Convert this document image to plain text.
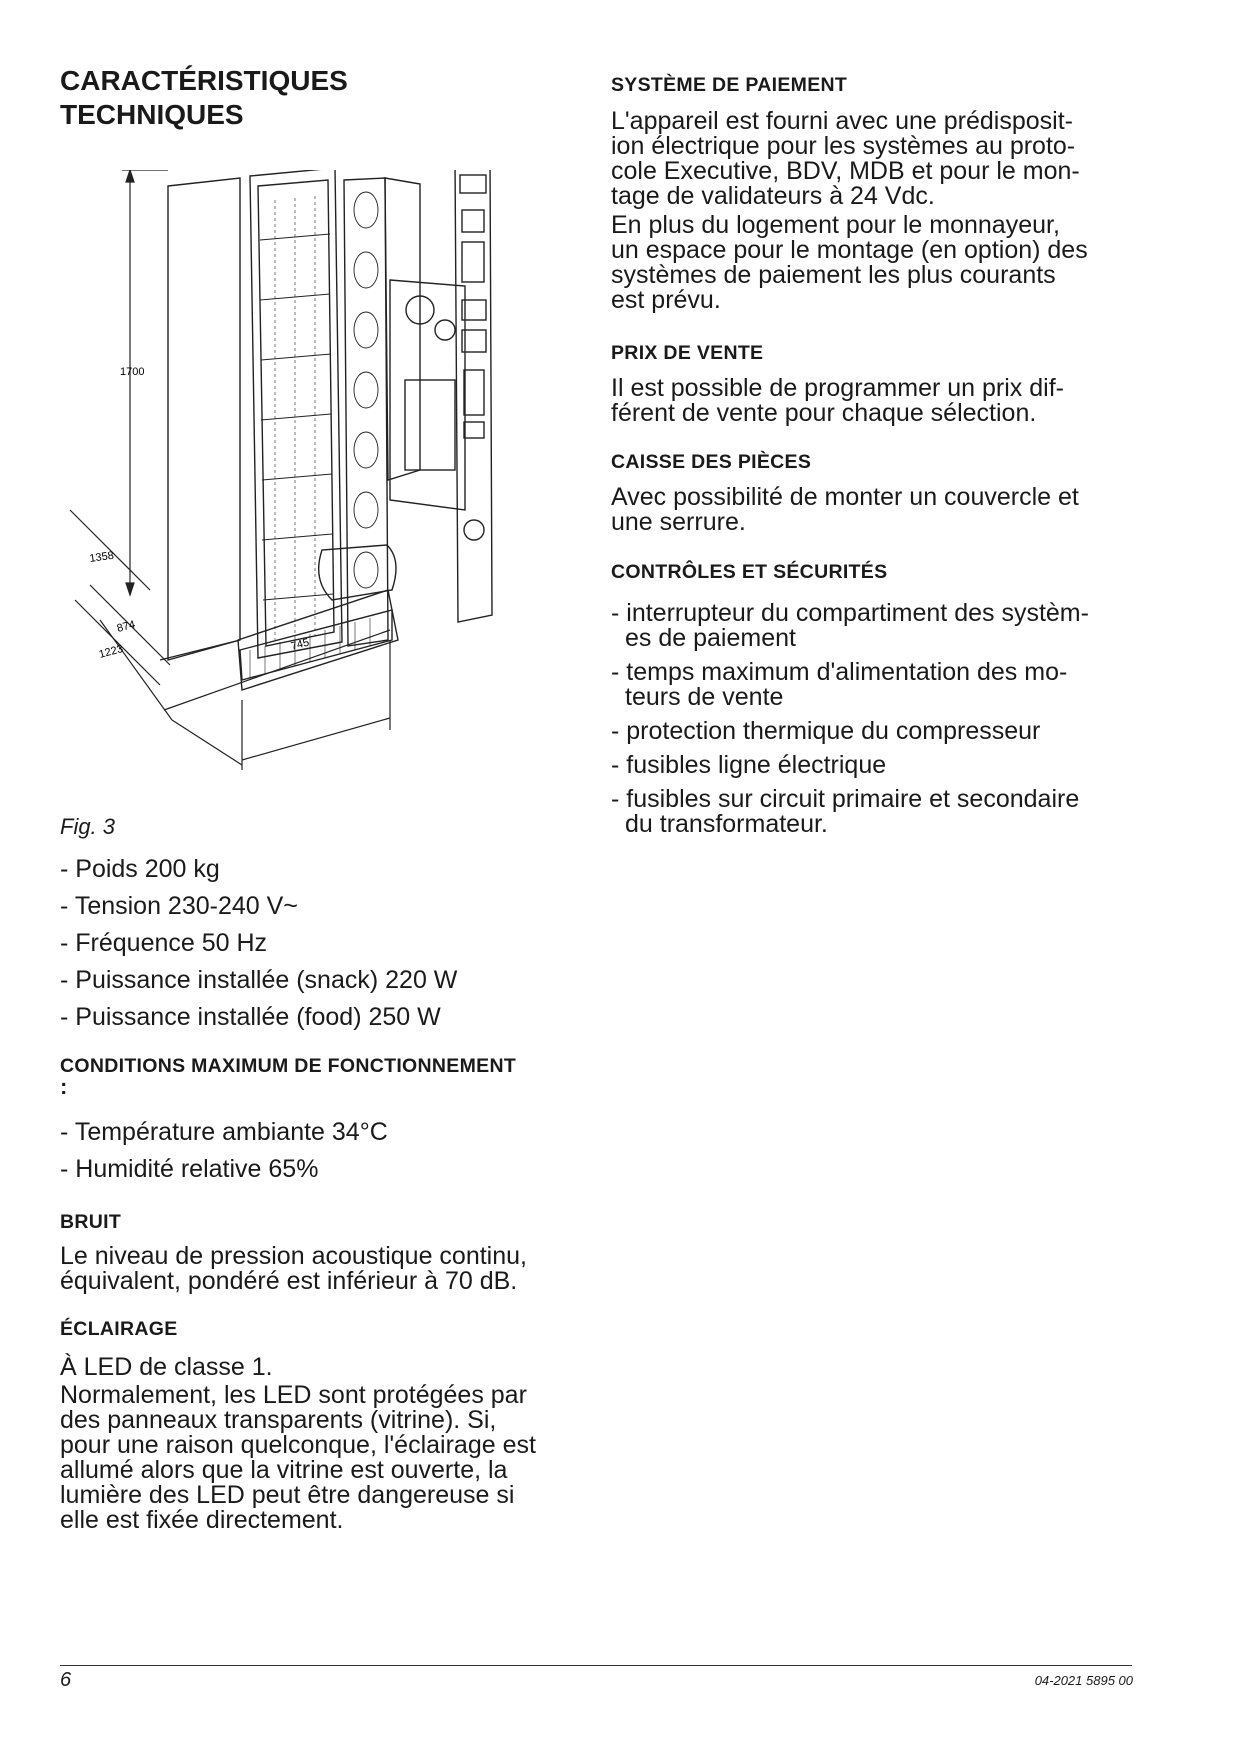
CARACTÉRISTIQUES
TECHNIQUES
1700
1358
874
1223	745
Fig. 3
- Poids 200 kg
- Tension 230-240 V~
- Fréquence 50 Hz
- Puissance installée (snack) 220 W
- Puissance installée (food) 250 W

CONDITIONS MAXIMUM DE FONCTIONNEMENT

:

- Température ambiante 34°C
- Humidité relative 65%

BRUIT

Le niveau de pression acoustique continu,

équivalent, pondéré est inférieur à 70 dB.

ÉCLAIRAGE

À LED de classe 1.

Normalement, les LED sont protégées par

des panneaux transparents (vitrine). Si,

pour une raison quelconque, l'éclairage est

allumé alors que la vitrine est ouverte, la

lumière des LED peut être dangereuse si

elle est fixée directement.

SYSTÈME DE PAIEMENT

L'appareil est fourni avec une prédisposit-

ion électrique pour les systèmes au proto-

cole Executive, BDV, MDB et pour le mon-

tage de validateurs à 24 Vdc.

En plus du logement pour le monnayeur,

un espace pour le montage (en option) des

systèmes de paiement les plus courants

est prévu.

PRIX DE VENTE

Il est possible de programmer un prix dif-

férent de vente pour chaque sélection.

CAISSE DES PIÈCES

Avec possibilité de monter un couvercle et

une serrure.

CONTRÔLES ET SÉCURITÉS

- interrupteur du compartiment des systèm-
es de paiement
- temps maximum d'alimentation des mo-
teurs de vente
- protection thermique du compresseur
- fusibles ligne électrique
- fusibles sur circuit primaire et secondaire
du transformateur.
6	04-2021 5895 00
